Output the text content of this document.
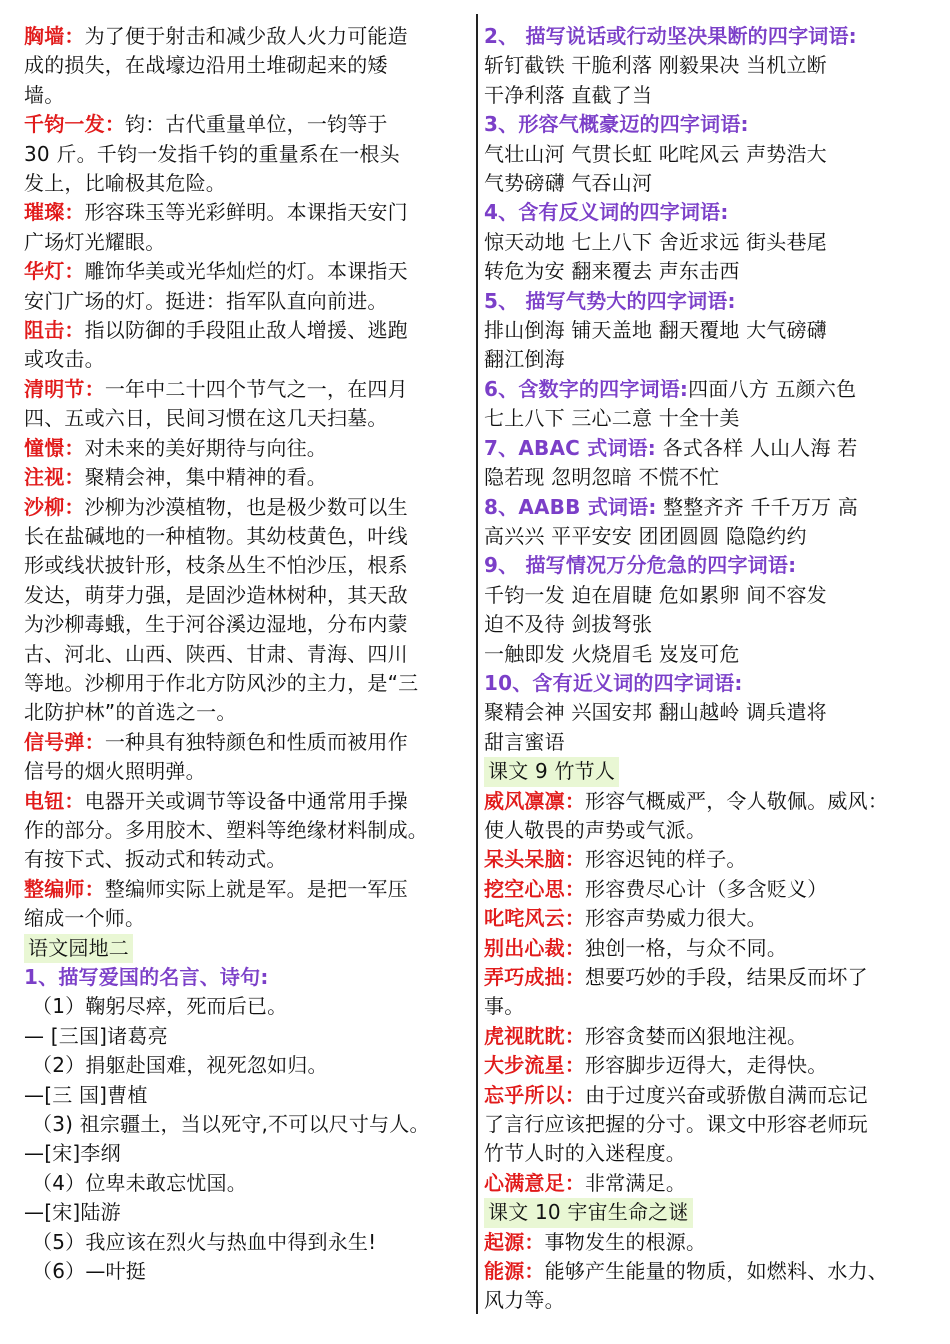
胸墙：为了便于射击和减少敌人火力可能造
成的损失，在战壕边沿用土堆砌起来的矮
墙。
千钧一发：钧：古代重量单位，一钧等于
30 斤。千钧一发指千钧的重量系在一根头
发上，比喻极其危险。
璀璨：形容珠玉等光彩鲜明。本课指天安门
广场灯光耀眼。
华灯：雕饰华美或光华灿烂的灯。本课指天
安门广场的灯。挺进：指军队直向前进。
阻击：指以防御的手段阻止敌人增援、逃跑
或攻击。
清明节：一年中二十四个节气之一，在四月
四、五或六日，民间习惯在这几天扫墓。
憧憬：对未来的美好期待与向往。
注视：聚精会神，集中精神的看。
沙柳：沙柳为沙漠植物，也是极少数可以生
长在盐碱地的一种植物。其幼枝黄色，叶线
形或线状披针形，枝条丛生不怕沙压，根系
发达，萌芽力强，是固沙造林树种，其天敌
为沙柳毒蛾，生于河谷溪边湿地，分布内蒙
古、河北、山西、陕西、甘肃、青海、四川
等地。沙柳用于作北方防风沙的主力，是“三
北防护林”的首选之一。
信号弹：一种具有独特颜色和性质而被用作
信号的烟火照明弹。
电钮：电器开关或调节等设备中通常用手操
作的部分。多用胶木、塑料等绝缘材料制成。
有按下式、扳动式和转动式。
整编师：整编师实际上就是军。是把一军压
缩成一个师。
语文园地二
1、描写爱国的名言、诗句:
（1）鞠躬尽瘁，死而后已。
— [三国]诸葛亮
（2）捐躯赴国难，视死忽如归。
—[三 国]曹植
（3) 祖宗疆土，当以死守,不可以尺寸与人。
—[宋]李纲
（4）位卑未敢忘忧国。
—[宋]陆游
（5）我应该在烈火与热血中得到永生!
（6）—叶挺
2、 描写说话或行动坚决果断的四字词语:
斩钉截铁 干脆利落 刚毅果决 当机立断
干净利落 直截了当
3、形容气概豪迈的四字词语:
气壮山河 气贯长虹 叱咤风云 声势浩大
气势磅礴 气吞山河
4、含有反义词的四字词语:
惊天动地 七上八下 舍近求远 街头巷尾
转危为安 翻来覆去 声东击西
5、 描写气势大的四字词语:
排山倒海 铺天盖地 翻天覆地 大气磅礴
翻江倒海
6、含数字的四字词语:四面八方 五颜六色
七上八下 三心二意 十全十美
7、ABAC 式词语: 各式各样 人山人海 若
隐若现 忽明忽暗 不慌不忙
8、AABB 式词语: 整整齐齐 千千万万 高
高兴兴 平平安安 团团圆圆 隐隐约约
9、 描写情况万分危急的四字词语:
千钧一发 迫在眉睫 危如累卵 间不容发
迫不及待 剑拔弩张
一触即发 火烧眉毛 岌岌可危
10、含有近义词的四字词语:
聚精会神 兴国安邦 翻山越岭 调兵遣将
甜言蜜语
课文 9 竹节人
威风凛凛：形容气概威严，令人敬佩。威风：
使人敬畏的声势或气派。
呆头呆脑：形容迟钝的样子。
挖空心思：形容费尽心计（多含贬义）
叱咤风云：形容声势威力很大。
别出心裁：独创一格，与众不同。
弄巧成拙：想要巧妙的手段，结果反而坏了
事。
虎视眈眈：形容贪婪而凶狠地注视。
大步流星：形容脚步迈得大，走得快。
忘乎所以：由于过度兴奋或骄傲自满而忘记
了言行应该把握的分寸。课文中形容老师玩
竹节人时的入迷程度。
心满意足：非常满足。
课文 10 宇宙生命之谜
起源：事物发生的根源。
能源：能够产生能量的物质，如燃料、水力、
风力等。
